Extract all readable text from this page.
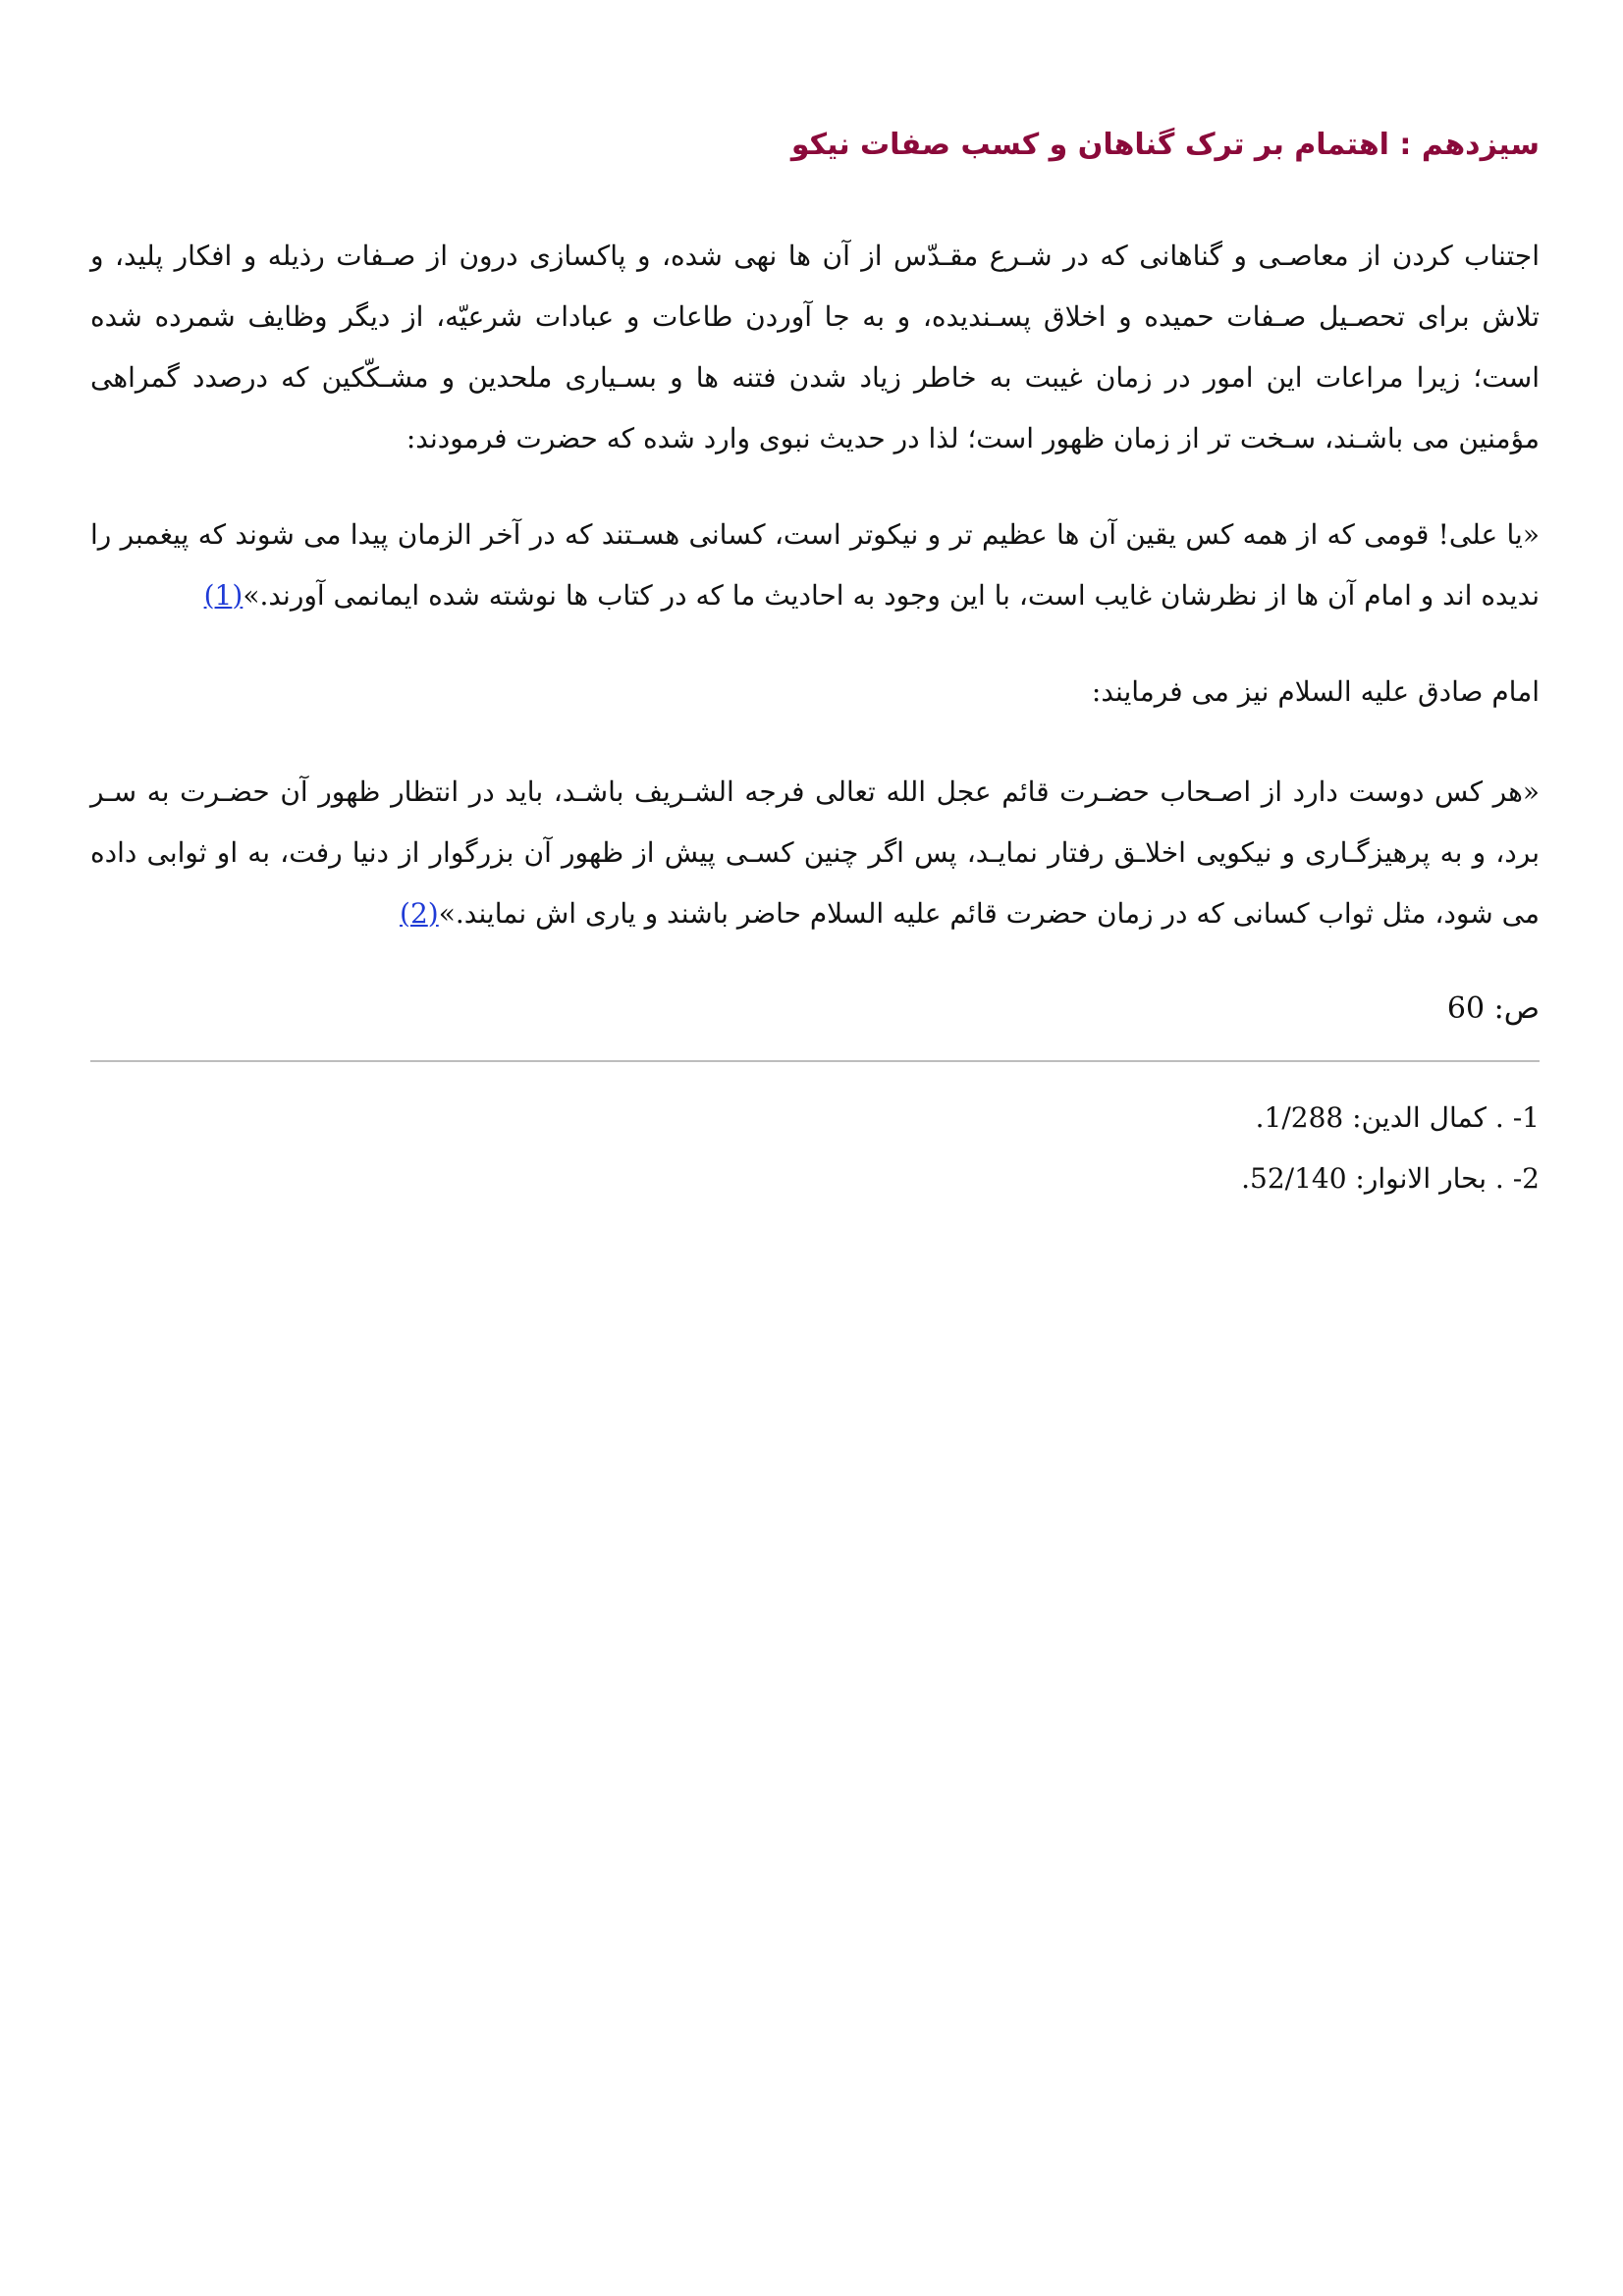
سیزدهم : اهتمام بر ترک گناهان و کسب صفات نیکو

اجتناب کردن از معاصـی و گناهانی که در شـرع مقـدّس از آن ها نهی شده، و پاکسازی درون از صـفات رذیله و افکار پلید، و تلاش برای تحصـیل صـفات حمیده و اخلاق پسـندیده، و به جا آوردن طاعات و عبادات شرعیّه، از دیگر وظایف شمرده شده است؛ زیرا مراعات این امور در زمان غیبت به خاطر زیاد شدن فتنه ها و بسـیاری ملحدین و مشـکّکین که درصدد گمراهی مؤمنین می باشـند، سـخت تر از زمان ظهور است؛ لذا در حدیث نبوی وارد شده که حضرت فرمودند:

«یا علی! قومی که از همه کس یقین آن ها عظیم تر و نیکوتر است، کسانی هسـتند که در آخر الزمان پیدا می شوند که پیغمبر را ندیده اند و امام آن ها از نظرشان غایب است، با این وجود به احادیث ما که در کتاب ها نوشته شده ایمانمی آورند.»(1)

امام صادق علیه السلام نیز می فرمایند:

«هر کس دوست دارد از اصـحاب حضـرت قائم عجل الله تعالی فرجه الشـریف باشـد، باید در انتظار ظهور آن حضـرت به سـر برد، و به پرهیزگـاری و نیکویی اخلاـق رفتار نمایـد، پس اگر چنین کسـی پیش از ظهور آن بزرگوار از دنیا رفت، به او ثوابی داده می شود، مثل ثواب کسانی که در زمان حضرت قائم علیه السلام حاضر باشند و یاری اش نمایند.»(2)

ص: 60
1- . کمال الدین: 1/288.
2- . بحار الانوار: 52/140.
